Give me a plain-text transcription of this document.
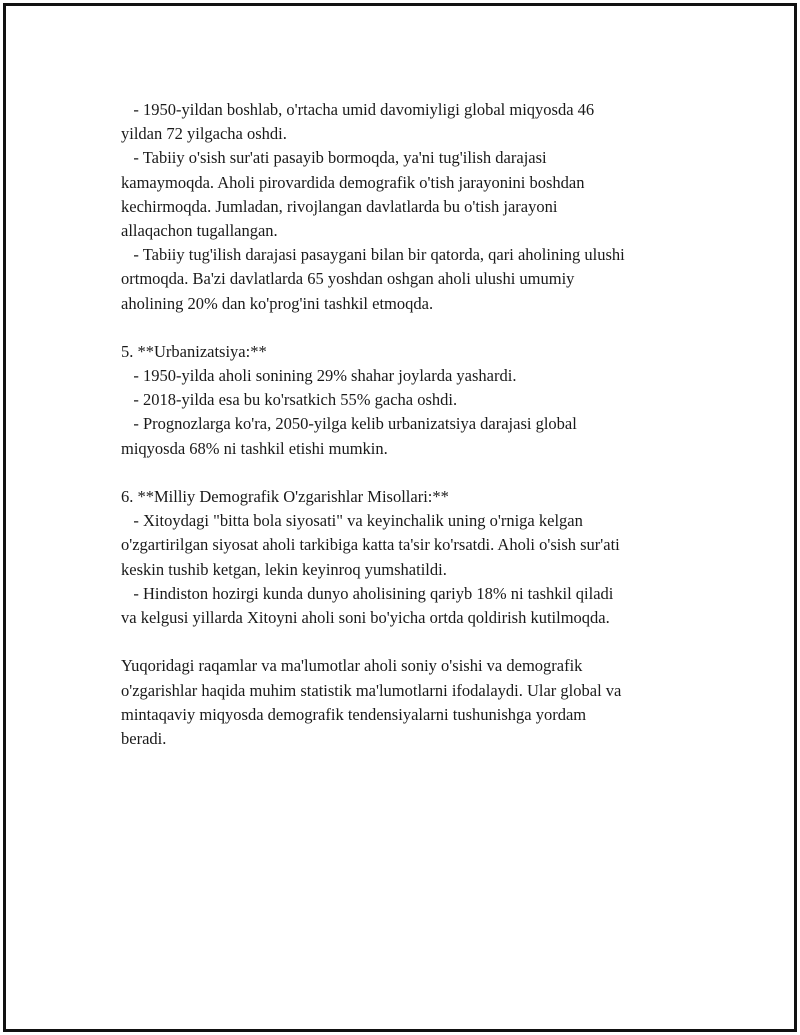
- 1950-yildan boshlab, o'rtacha umid davomiyligi global miqyosda 46
yildan 72 yilgacha oshdi.
- Tabiiy o'sish sur'ati pasayib bormoqda, ya'ni tug'ilish darajasi
kamaymoqda. Aholi pirovardida demografik o'tish jarayonini boshdan
kechirmoqda. Jumladan, rivojlangan davlatlarda bu o'tish jarayoni
allaqachon tugallangan.
- Tabiiy tug'ilish darajasi pasaygani bilan bir qatorda, qari aholining ulushi
ortmoqda. Ba'zi davlatlarda 65 yoshdan oshgan aholi ulushi umumiy
aholining 20% dan ko'prog'ini tashkil etmoqda.
5. **Urbanizatsiya:**
- 1950-yilda aholi sonining 29% shahar joylarda yashardi.
- 2018-yilda esa bu ko'rsatkich 55% gacha oshdi.
- Prognozlarga ko'ra, 2050-yilga kelib urbanizatsiya darajasi global
miqyosda 68% ni tashkil etishi mumkin.
6. **Milliy Demografik O'zgarishlar Misollari:**
- Xitoydagi "bitta bola siyosati" va keyinchalik uning o'rniga kelgan
o'zgartirilgan siyosat aholi tarkibiga katta ta'sir ko'rsatdi. Aholi o'sish sur'ati
keskin tushib ketgan, lekin keyinroq yumshatildi.
- Hindiston hozirgi kunda dunyo aholisining qariyb 18% ni tashkil qiladi
va kelgusi yillarda Xitoyni aholi soni bo'yicha ortda qoldirish kutilmoqda.
Yuqoridagi raqamlar va ma'lumotlar aholi soniy o'sishi va demografik
o'zgarishlar haqida muhim statistik ma'lumotlarni ifodalaydi. Ular global va
mintaqaviy miqyosda demografik tendensiyalarni tushunishga yordam
beradi.
